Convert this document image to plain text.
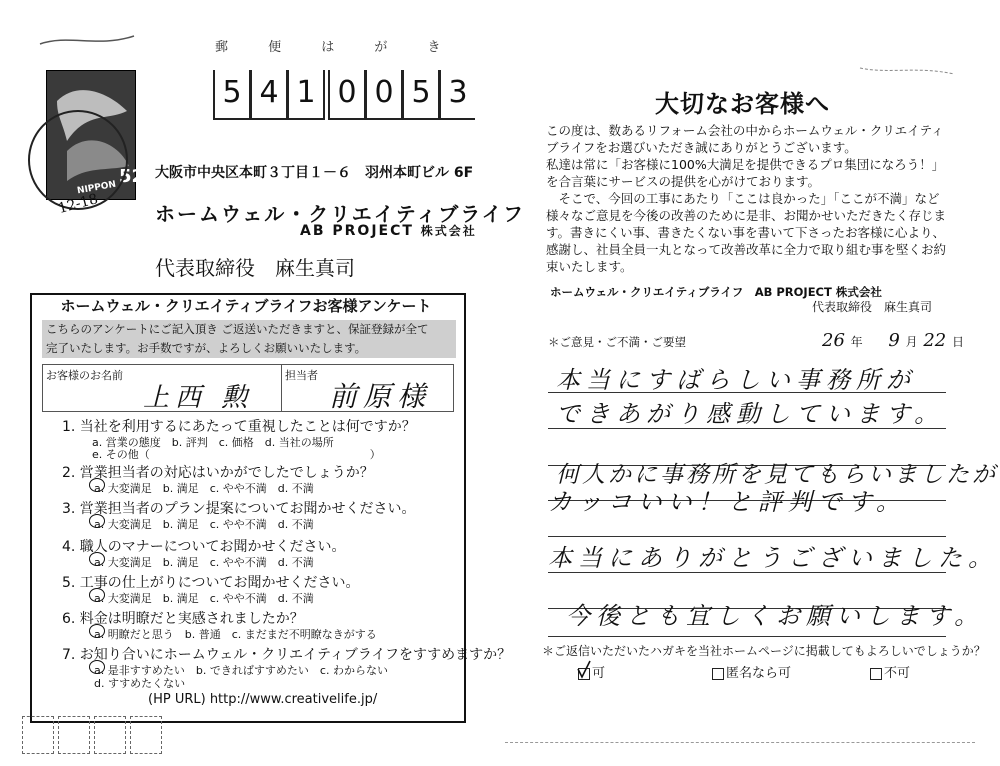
郵 便 は が き
5 4 1 0 0 5 3
NIPPON
52
12-18
大阪市中央区本町３丁目１－６　羽州本町ビル 6F
ホームウェル・クリエイティブライフ
AB PROJECT 株式会社
代表取締役　麻生真司
ホームウェル・クリエイティブライフお客様アンケート
こちらのアンケートにご記入頂き ご返送いただきますと、保証登録が全て
完了いたします。お手数ですが、よろしくお願いいたします。
お客様のお名前
上西 勲
担当者
前原様
1. 当社を利用するにあたって重視したことは何ですか？
a. 営業の態度　b. 評判　c. 価格　d. 当社の場所
e. その他（　　　　　　　　　　　　　　　　　　　　）
2. 営業担当者の対応はいかがでしたでしょうか？
a. 大変満足　b. 満足　c. やや不満　d. 不満
3. 営業担当者のプラン提案についてお聞かせください。
a. 大変満足　b. 満足　c. やや不満　d. 不満
4. 職人のマナーについてお聞かせください。
a. 大変満足　b. 満足　c. やや不満　d. 不満
5. 工事の仕上がりについてお聞かせください。
a. 大変満足　b. 満足　c. やや不満　d. 不満
6. 料金は明瞭だと実感されましたか？
a. 明瞭だと思う　b. 普通　c. まだまだ不明瞭なきがする
7. お知り合いにホームウェル・クリエイティブライフをすすめますか？
a. 是非すすめたい　b. できればすすめたい　c. わからない
d. すすめたくない
(HP URL) http://www.creativelife.jp/
大切なお客様へ
この度は、数あるリフォーム会社の中からホームウェル・クリエイティ
ブライフをお選びいただき誠にありがとうございます。
私達は常に「お客様に100%大満足を提供できるプロ集団になろう！」
を合言葉にサービスの提供を心がけております。
　そこで、今回の工事にあたり「ここは良かった」「ここが不満」など
様々なご意見を今後の改善のために是非、お聞かせいただきたく存じま
す。書きにくい事、書きたくない事を書いて下さったお客様に心より、
感謝し、社員全員一丸となって改善改革に全力で取り組む事を堅くお約
束いたします。
ホームウェル・クリエイティブライフ　AB PROJECT 株式会社
代表取締役　麻生真司
＊ご意見・ご不満・ご要望	26 年 9 月 22 日
本当にすばらしい事務所が
できあがり感動しています。
何人かに事務所を見てもらいましたが
カッコいい！と評判です。
本当にありがとうございました。
今後とも宜しくお願いします。
＊ご返信いただいたハガキを当社ホームページに掲載してもよろしいでしょうか？
可	匿名なら可	不可
